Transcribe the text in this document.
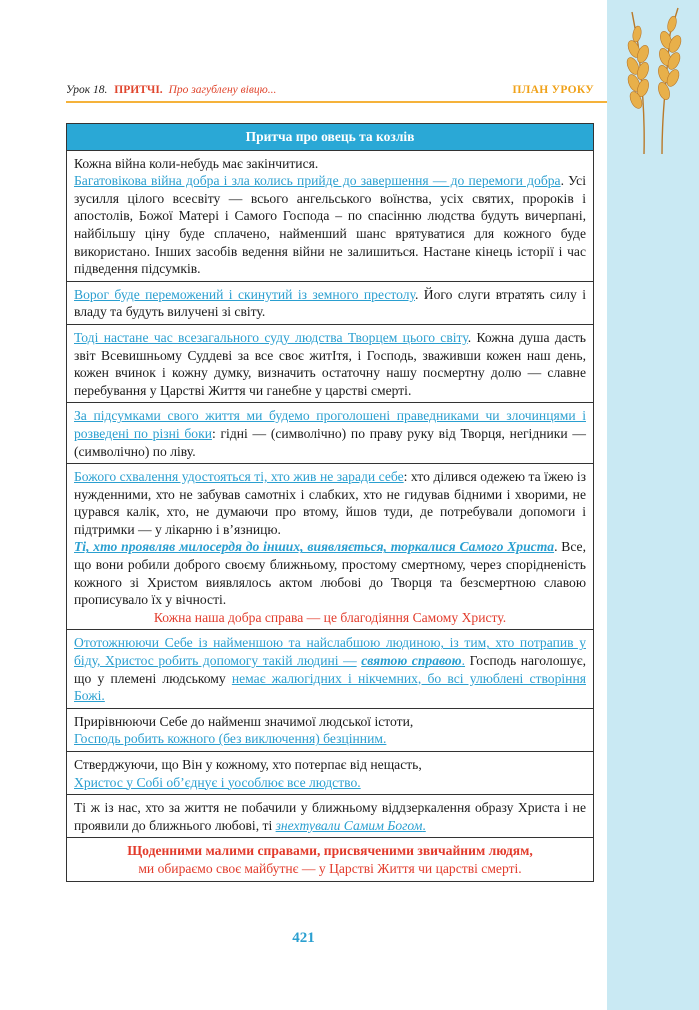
Урок 18. ПРИТЧІ. Про загублену вівцю...	ПЛАН УРОКУ
Притча про овець та козлів

Кожна війна коли-небудь має закінчитися.
Багатовікова війна добра і зла колись прийде до завершення — до перемоги добра. Усі зусилля цілого всесвіту — всього ангельського воїнства, усіх святих, пророків і апостолів, Божої Матері і Самого Господа – по спасінню людства будуть вичерпані, найбільшу ціну буде сплачено, найменший шанс врятуватися для кожного буде використано. Інших засобів ведення війни не залишиться. Настане кінець історії і час підведення підсумків.
Ворог буде переможений і скинутий із земного престолу. Його слуги втратять силу і владу та будуть вилучені зі світу.
Тоді настане час всезагального суду людства Творцем цього світу. Кожна душа дасть звіт Всевишньому Суддеві за все своє житІтя, і Господь, зваживши кожен наш день, кожен вчинок і кожну думку, визначить остаточну нашу посмертну долю — славне перебування у Царстві Життя чи ганебне у царстві смерті.
За підсумками свого життя ми будемо проголошені праведниками чи злочинцями і розведені по різні боки: гідні — (символічно) по праву руку від Творця, негідники — (символічно) по ліву.
Божого схвалення удостояться ті, хто жив не заради себе: хто ділився одежею та їжею із нужденними, хто не забував самотніх і слабких, хто не гидував бідними і хворими, не цурався калік, хто, не думаючи про втому, йшов туди, де потребували допомоги і підтримки — у лікарню і в’язницю.
Ті, хто проявляв милосердя до інших, виявляється, торкалися Самого Христа. Все, що вони робили доброго своєму ближньому, простому смертному, через спорідненість кожного зі Христом виявлялось актом любові до Творця та безсмертною славою прописувало їх у вічності.
Кожна наша добра справа — це благодіяння Самому Христу.

Ототожнюючи Себе із найменшою та найслабшою людиною, із тим, хто потрапив у біду, Христос робить допомогу такій людині — святою справою. Господь наголошує, що у племені людському немає жалюгідних і нікчемних, бо всі улюблені створіння Божі.

Прирівнюючи Себе до найменш значимої людської істоти,
Господь робить кожного (без виключення) безцінним.

Стверджуючи, що Він у кожному, хто потерпає від нещасть,
Христос у Собі об’єднує і уособлює все людство.
Ті ж із нас, хто за життя не побачили у ближньому віддзеркалення образу Христа і не проявили до ближнього любові, ті знехтували Самим Богом.

Щоденними малими справами, присвяченими звичайним людям,
ми обираємо своє майбутнє — у Царстві Життя чи царстві смерті.
421
